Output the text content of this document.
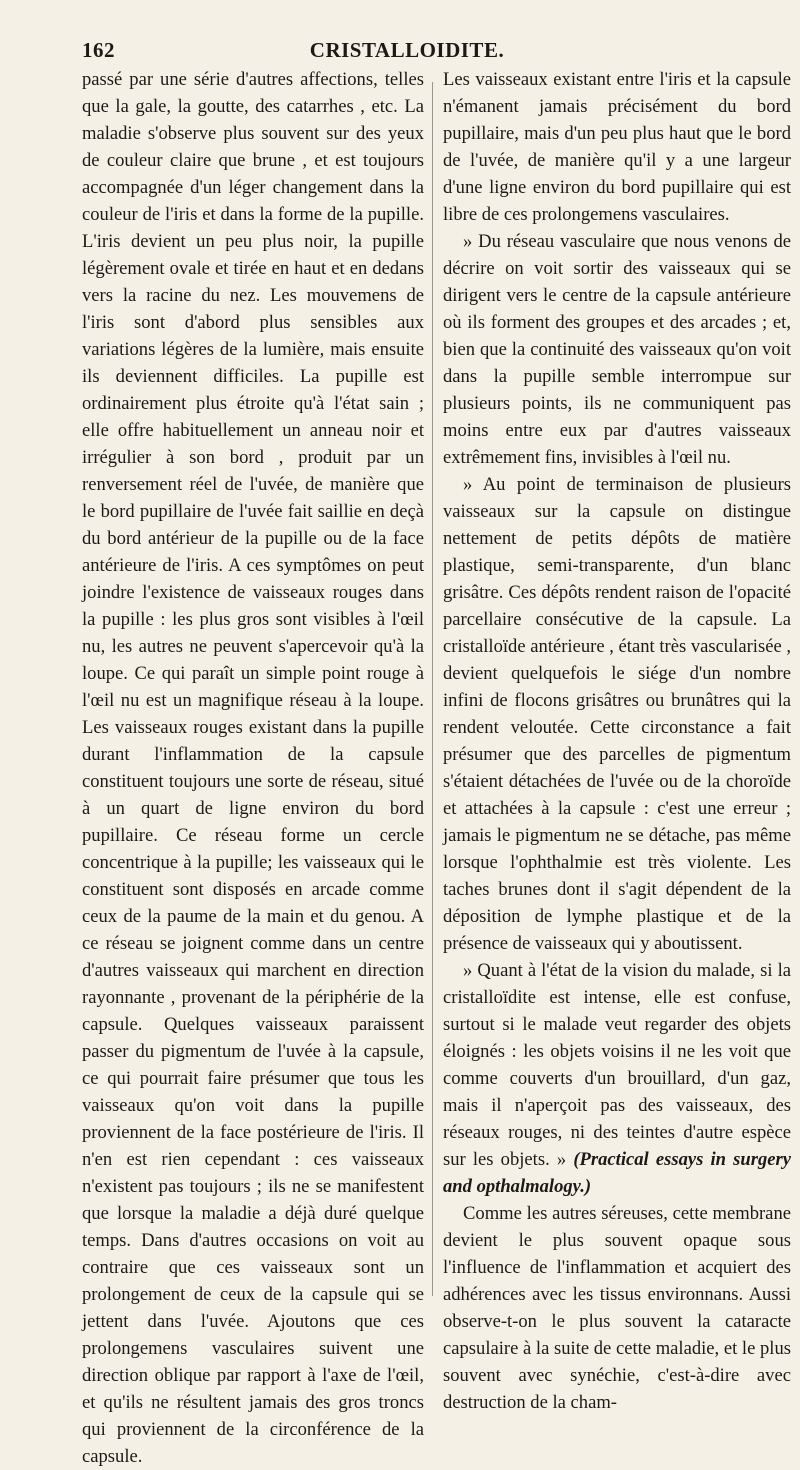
162	CRISTALLOIDITE.

passé par une série d'autres affections, telles que la gale, la goutte, des catarrhes , etc. La maladie s'observe plus souvent sur des yeux de couleur claire que brune , et est toujours accompagnée d'un léger changement dans la couleur de l'iris et dans la forme de la pupille. L'iris devient un peu plus noir, la pupille légèrement ovale et tirée en haut et en dedans vers la racine du nez. Les mouvemens de l'iris sont d'abord plus sensibles aux variations légères de la lumière, mais ensuite ils deviennent difficiles. La pupille est ordinairement plus étroite qu'à l'état sain ; elle offre habituellement un anneau noir et irrégulier à son bord , produit par un renversement réel de l'uvée, de manière que le bord pupillaire de l'uvée fait saillie en deçà du bord antérieur de la pupille ou de la face antérieure de l'iris. A ces symptômes on peut joindre l'existence de vaisseaux rouges dans la pupille : les plus gros sont visibles à l'œil nu, les autres ne peuvent s'apercevoir qu'à la loupe. Ce qui paraît un simple point rouge à l'œil nu est un magnifique réseau à la loupe. Les vaisseaux rouges existant dans la pupille durant l'inflammation de la capsule constituent toujours une sorte de réseau, situé à un quart de ligne environ du bord pupillaire. Ce réseau forme un cercle concentrique à la pupille; les vaisseaux qui le constituent sont disposés en arcade comme ceux de la paume de la main et du genou. A ce réseau se joignent comme dans un centre d'autres vaisseaux qui marchent en direction rayonnante , provenant de la périphérie de la capsule. Quelques vaisseaux paraissent passer du pigmentum de l'uvée à la capsule, ce qui pourrait faire présumer que tous les vaisseaux qu'on voit dans la pupille proviennent de la face postérieure de l'iris. Il n'en est rien cependant : ces vaisseaux n'existent pas toujours ; ils ne se manifestent que lorsque la maladie a déjà duré quelque temps. Dans d'autres occasions on voit au contraire que ces vaisseaux sont un prolongement de ceux de la capsule qui se jettent dans l'uvée. Ajoutons que ces prolongemens vasculaires suivent une direction oblique par rapport à l'axe de l'œil, et qu'ils ne résultent jamais des gros troncs qui proviennent de la circonférence de la capsule.

Les vaisseaux existant entre l'iris et la capsule n'émanent jamais précisément du bord pupillaire, mais d'un peu plus haut que le bord de l'uvée, de manière qu'il y a une largeur d'une ligne environ du bord pupillaire qui est libre de ces prolongemens vasculaires.

» Du réseau vasculaire que nous venons de décrire on voit sortir des vaisseaux qui se dirigent vers le centre de la capsule antérieure où ils forment des groupes et des arcades ; et, bien que la continuité des vaisseaux qu'on voit dans la pupille semble interrompue sur plusieurs points, ils ne communiquent pas moins entre eux par d'autres vaisseaux extrêmement fins, invisibles à l'œil nu.

» Au point de terminaison de plusieurs vaisseaux sur la capsule on distingue nettement de petits dépôts de matière plastique, semi-transparente, d'un blanc grisâtre. Ces dépôts rendent raison de l'opacité parcellaire consécutive de la capsule. La cristalloïde antérieure , étant très vascularisée , devient quelquefois le siége d'un nombre infini de flocons grisâtres ou brunâtres qui la rendent veloutée. Cette circonstance a fait présumer que des parcelles de pigmentum s'étaient détachées de l'uvée ou de la choroïde et attachées à la capsule : c'est une erreur ; jamais le pigmentum ne se détache, pas même lorsque l'ophthalmie est très violente. Les taches brunes dont il s'agit dépendent de la déposition de lymphe plastique et de la présence de vaisseaux qui y aboutissent.

» Quant à l'état de la vision du malade, si la cristalloïdite est intense, elle est confuse, surtout si le malade veut regarder des objets éloignés : les objets voisins il ne les voit que comme couverts d'un brouillard, d'un gaz, mais il n'aperçoit pas des vaisseaux, des réseaux rouges, ni des teintes d'autre espèce sur les objets. » (Practical essays in surgery and opthalmalogy.)

Comme les autres séreuses, cette membrane devient le plus souvent opaque sous l'influence de l'inflammation et acquiert des adhérences avec les tissus environnans. Aussi observe-t-on le plus souvent la cataracte capsulaire à la suite de cette maladie, et le plus souvent avec synéchie, c'est-à-dire avec destruction de la cham-
